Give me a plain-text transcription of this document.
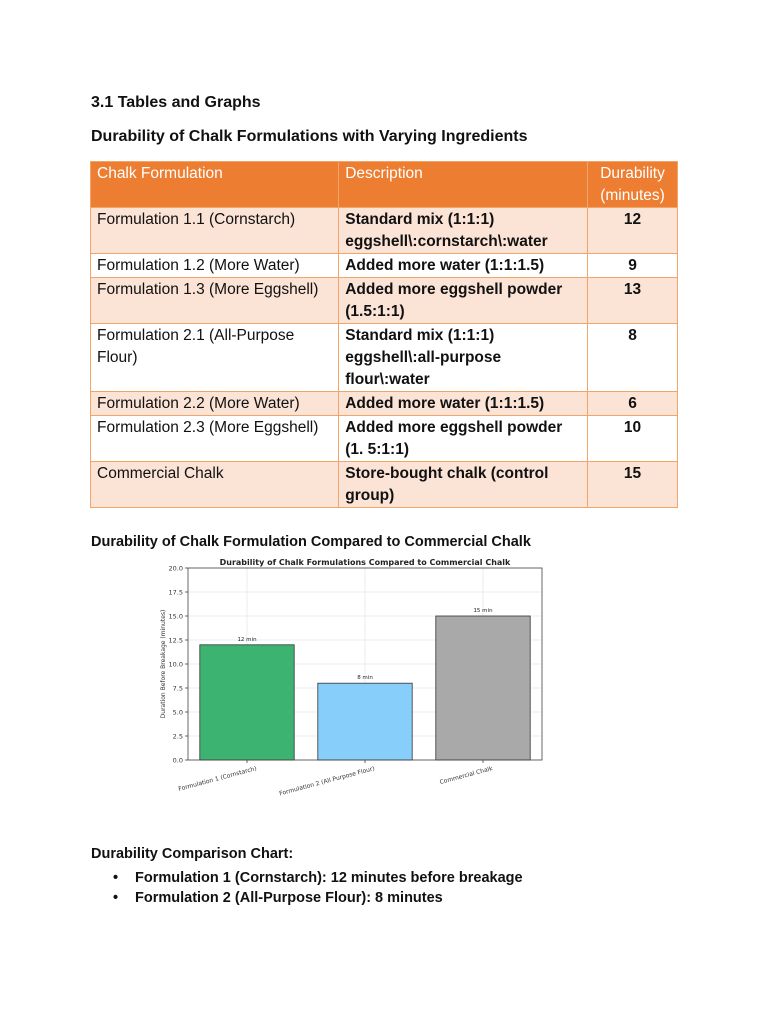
3.1 Tables and Graphs
Durability of Chalk Formulations with Varying Ingredients
Chalk Formulation	Description	Durability (minutes)
Formulation 1.1 (Cornstarch)	Standard mix (1:1:1) eggshell\:cornstarch\:water	12
Formulation 1.2 (More Water)	Added more water (1:1:1.5)	9
Formulation 1.3 (More Eggshell)	Added more eggshell powder (1.5:1:1)	13
Formulation 2.1 (All-Purpose Flour)	Standard mix (1:1:1) eggshell\:all-purpose flour\:water	8
Formulation 2.2 (More Water)	Added more water (1:1:1.5)	6
Formulation 2.3 (More Eggshell)	Added more eggshell powder (1. 5:1:1)	10
Commercial Chalk	Store-bought chalk (control group)	15
Durability of Chalk Formulation Compared to Commercial Chalk
Durability of Chalk Formulations Compared to Commercial Chalk
0.0
2.5
5.0
7.5
10.0
12.5
15.0
17.5
20.0
12 min
Formulation 1 (Cornstarch)
8 min
Formulation 2 (All Purpose Flour)
15 min
Commercial Chalk
Duration Before Breakage (minutes)
Durability Comparison Chart:
• Formulation 1 (Cornstarch): 12 minutes before breakage
• Formulation 2 (All-Purpose Flour): 8 minutes
